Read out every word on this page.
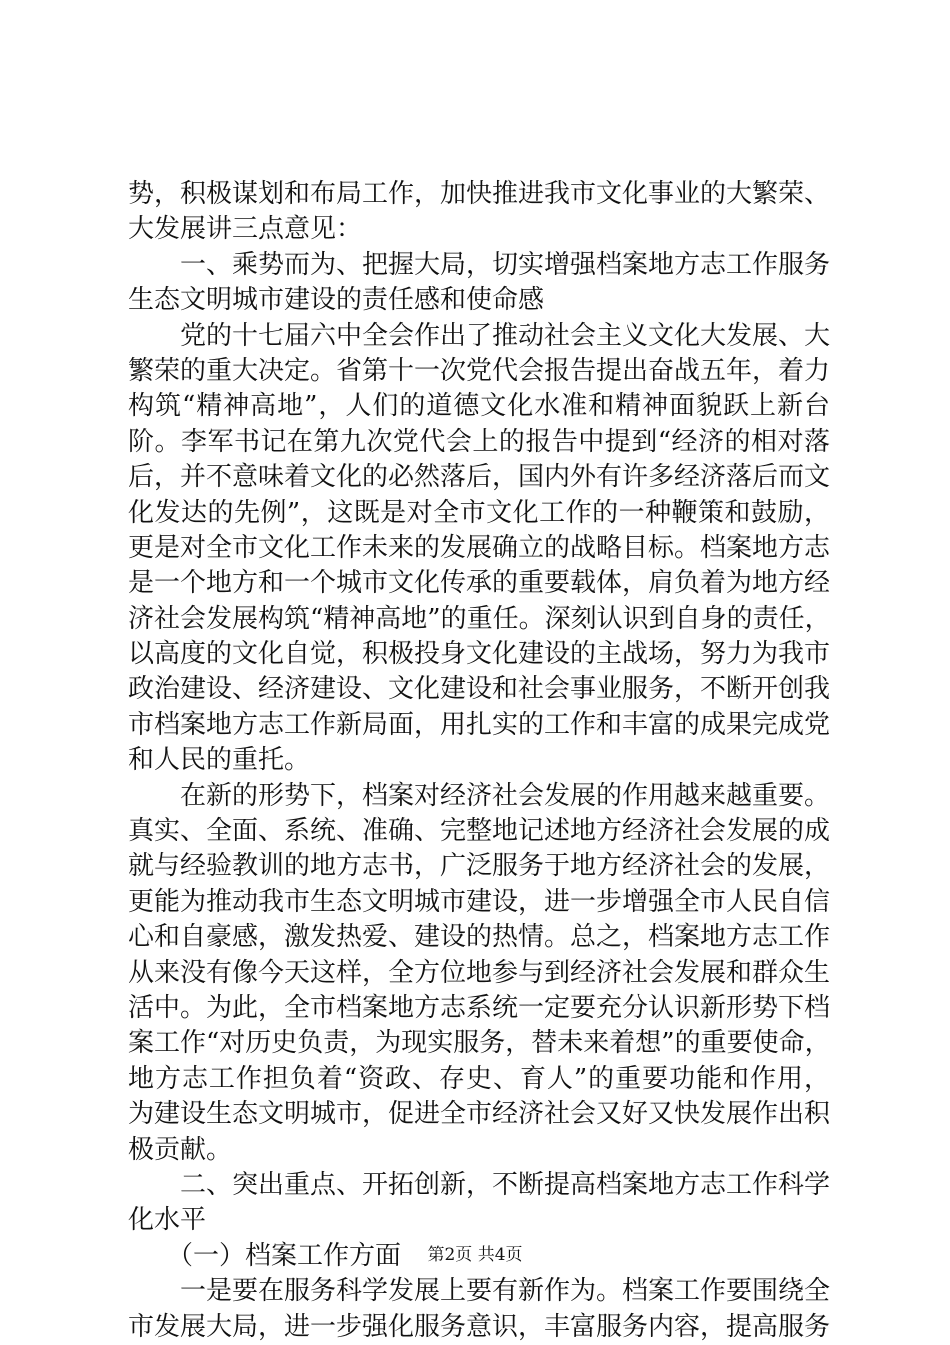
势，积极谋划和布局工作，加快推进我市文化事业的大繁荣、
大发展讲三点意见：
　　一、乘势而为、把握大局，切实增强档案地方志工作服务
生态文明城市建设的责任感和使命感
　　党的十七届六中全会作出了推动社会主义文化大发展、大
繁荣的重大决定。省第十一次党代会报告提出奋战五年，着力
构筑“精神高地”，人们的道德文化水准和精神面貌跃上新台
阶。李军书记在第九次党代会上的报告中提到“经济的相对落
后，并不意味着文化的必然落后，国内外有许多经济落后而文
化发达的先例”，这既是对全市文化工作的一种鞭策和鼓励，
更是对全市文化工作未来的发展确立的战略目标。档案地方志
是一个地方和一个城市文化传承的重要载体，肩负着为地方经
济社会发展构筑“精神高地”的重任。深刻认识到自身的责任，
以高度的文化自觉，积极投身文化建设的主战场，努力为我市
政治建设、经济建设、文化建设和社会事业服务，不断开创我
市档案地方志工作新局面，用扎实的工作和丰富的成果完成党
和人民的重托。
　　在新的形势下，档案对经济社会发展的作用越来越重要。
真实、全面、系统、准确、完整地记述地方经济社会发展的成
就与经验教训的地方志书，广泛服务于地方经济社会的发展，
更能为推动我市生态文明城市建设，进一步增强全市人民自信
心和自豪感，激发热爱、建设的热情。总之，档案地方志工作
从来没有像今天这样，全方位地参与到经济社会发展和群众生
活中。为此，全市档案地方志系统一定要充分认识新形势下档
案工作“对历史负责，为现实服务，替未来着想”的重要使命，
地方志工作担负着“资政、存史、育人”的重要功能和作用，
为建设生态文明城市，促进全市经济社会又好又快发展作出积
极贡献。
　　二、突出重点、开拓创新，不断提高档案地方志工作科学
化水平
　　（一）档案工作方面
　　一是要在服务科学发展上要有新作为。档案工作要围绕全
市发展大局，进一步强化服务意识，丰富服务内容，提高服务
第2页 共4页
